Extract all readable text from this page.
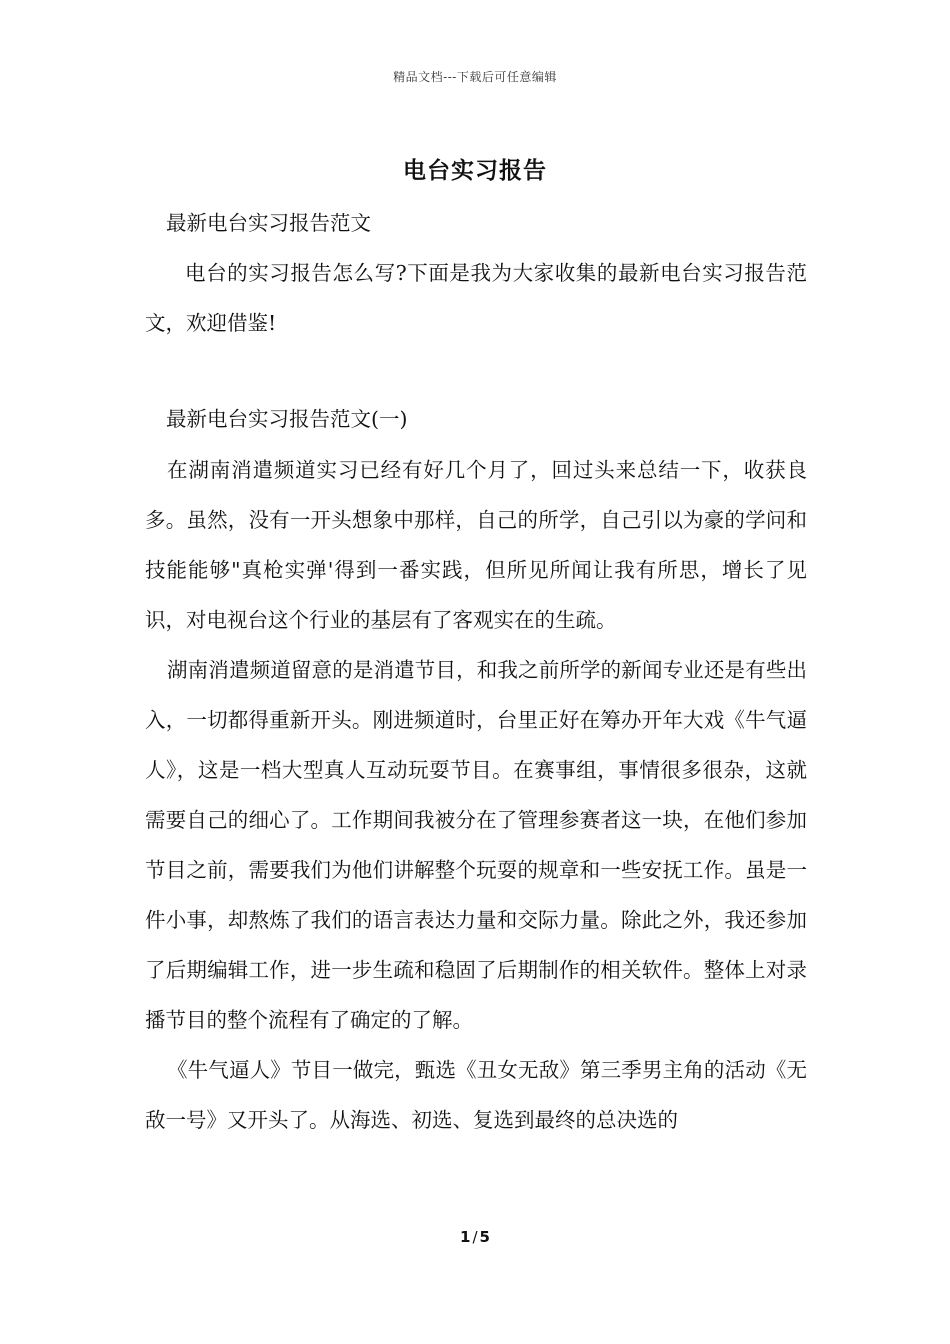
精品文档---下载后可任意编辑
电台实习报告
最新电台实习报告范文

电台的实习报告怎么写?下面是我为大家收集的最新电台实习报告范文，欢迎借鉴!

最新电台实习报告范文(一)

在湖南消遣频道实习已经有好几个月了，回过头来总结一下，收获良多。虽然，没有一开头想象中那样，自己的所学，自己引以为豪的学问和技能能够"真枪实弹'得到一番实践，但所见所闻让我有所思，增长了见识，对电视台这个行业的基层有了客观实在的生疏。

湖南消遣频道留意的是消遣节目，和我之前所学的新闻专业还是有些出入，一切都得重新开头。刚进频道时，台里正好在筹办开年大戏《牛气逼人》，这是一档大型真人互动玩耍节目。在赛事组，事情很多很杂，这就需要自己的细心了。工作期间我被分在了管理参赛者这一块，在他们参加节目之前，需要我们为他们讲解整个玩耍的规章和一些安抚工作。虽是一件小事，却熬炼了我们的语言表达力量和交际力量。除此之外，我还参加了后期编辑工作，进一步生疏和稳固了后期制作的相关软件。整体上对录播节目的整个流程有了确定的了解。

《牛气逼人》节目一做完，甄选《丑女无敌》第三季男主角的活动《无敌一号》又开头了。从海选、初选、复选到最终的总决选的

1 / 5
